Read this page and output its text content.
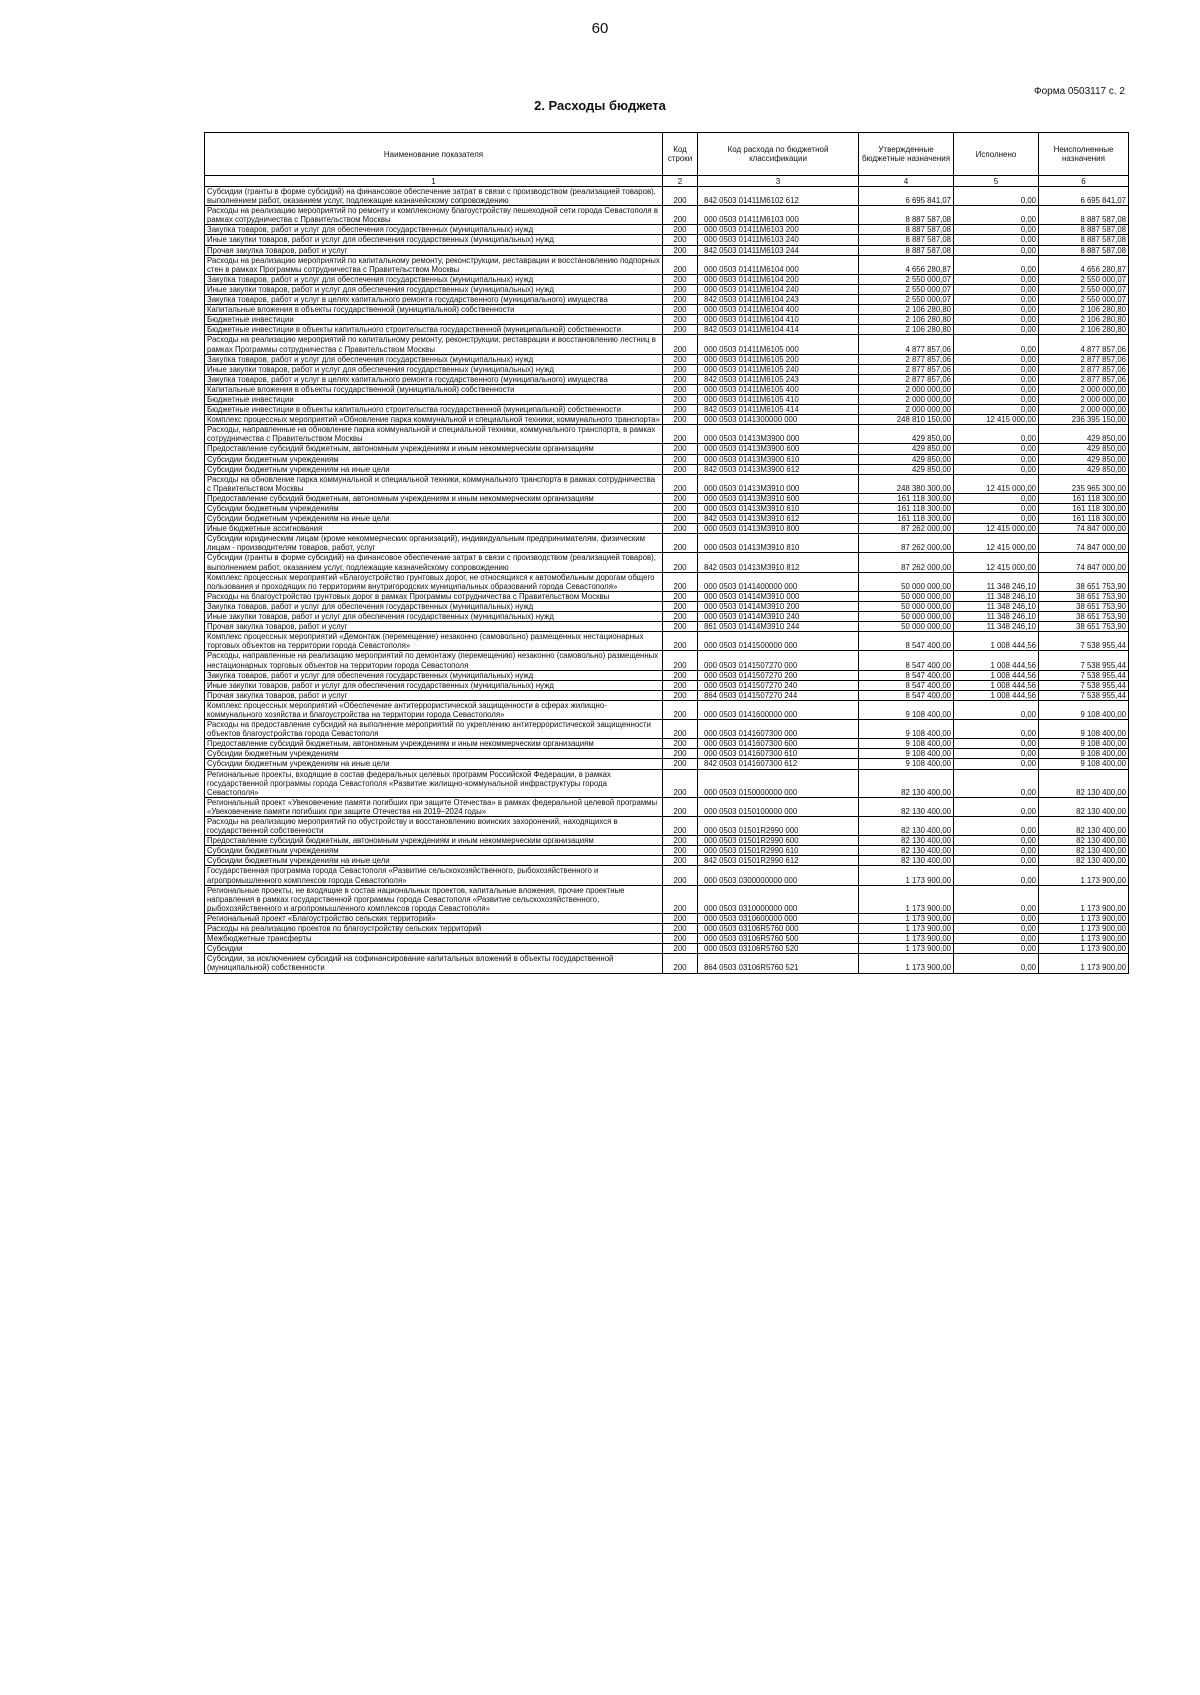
60
Форма 0503117 с. 2
2. Расходы бюджета
Наименование показателя	Код строки	Код расхода по бюджетной классификации	Утвержденные бюджетные назначения	Исполнено	Неисполненные назначения
1	2	3	4	5	6
Субсидии (гранты в форме субсидий) на финансовое обеспечение затрат в связи с производством (реализацией товаров), выполнением работ, оказанием услуг, подлежащие казначейскому сопровождению	200	842 0503 01411M6102 612	6 695 841,07	0,00	6 695 841,07
Расходы на реализацию мероприятий по ремонту и комплексному благоустройству пешеходной сети города Севастополя в рамках сотрудничества с Правительством Москвы	200	000 0503 01411M6103 000	8 887 587,08	0,00	8 887 587,08
Закупка товаров, работ и услуг для обеспечения государственных (муниципальных) нужд	200	000 0503 01411M6103 200	8 887 587,08	0,00	8 887 587,08
Иные закупки товаров, работ и услуг для обеспечения государственных (муниципальных) нужд	200	000 0503 01411M6103 240	8 887 587,08	0,00	8 887 587,08
Прочая закупка товаров, работ и услуг	200	842 0503 01411M6103 244	8 887 587,08	0,00	8 887 587,08
Расходы на реализацию мероприятий по капитальному ремонту, реконструкции, реставрации и восстановлению подпорных стен в рамках Программы сотрудничества с Правительством Москвы	200	000 0503 01411M6104 000	4 656 280,87	0,00	4 656 280,87
Закупка товаров, работ и услуг для обеспечения государственных (муниципальных) нужд	200	000 0503 01411M6104 200	2 550 000,07	0,00	2 550 000,07
Иные закупки товаров, работ и услуг для обеспечения государственных (муниципальных) нужд	200	000 0503 01411M6104 240	2 550 000,07	0,00	2 550 000,07
Закупка товаров, работ и услуг в целях капитального ремонта государственного (муниципального) имущества	200	842 0503 01411M6104 243	2 550 000,07	0,00	2 550 000,07
Капитальные вложения в объекты государственной (муниципальной) собственности	200	000 0503 01411M6104 400	2 106 280,80	0,00	2 106 280,80
Бюджетные инвестиции	200	000 0503 01411M6104 410	2 106 280,80	0,00	2 106 280,80
Бюджетные инвестиции в объекты капитального строительства государственной (муниципальной) собственности	200	842 0503 01411M6104 414	2 106 280,80	0,00	2 106 280,80
Расходы на реализацию мероприятий по капитальному ремонту, реконструкции, реставрации и восстановлению лестниц в рамках Программы сотрудничества с Правительством Москвы	200	000 0503 01411M6105 000	4 877 857,06	0,00	4 877 857,06
Закупка товаров, работ и услуг для обеспечения государственных (муниципальных) нужд	200	000 0503 01411M6105 200	2 877 857,06	0,00	2 877 857,06
Иные закупки товаров, работ и услуг для обеспечения государственных (муниципальных) нужд	200	000 0503 01411M6105 240	2 877 857,06	0,00	2 877 857,06
Закупка товаров, работ и услуг в целях капитального ремонта государственного (муниципального) имущества	200	842 0503 01411M6105 243	2 877 857,06	0,00	2 877 857,06
Капитальные вложения в объекты государственной (муниципальной) собственности	200	000 0503 01411M6105 400	2 000 000,00	0,00	2 000 000,00
Бюджетные инвестиции	200	000 0503 01411M6105 410	2 000 000,00	0,00	2 000 000,00
Бюджетные инвестиции в объекты капитального строительства государственной (муниципальной) собственности	200	842 0503 01411M6105 414	2 000 000,00	0,00	2 000 000,00
Комплекс процессных мероприятий «Обновление парка коммунальной и специальной техники, коммунального транспорта»	200	000 0503 0141300000 000	248 810 150,00	12 415 000,00	236 395 150,00
Расходы, направленные на обновление парка коммунальной и специальной техники, коммунального транспорта, в рамках сотрудничества с Правительством Москвы	200	000 0503 01413M3900 000	429 850,00	0,00	429 850,00
Предоставление субсидий бюджетным, автономным учреждениям и иным некоммерческим организациям	200	000 0503 01413M3900 600	429 850,00	0,00	429 850,00
Субсидии бюджетным учреждениям	200	000 0503 01413M3900 610	429 850,00	0,00	429 850,00
Субсидии бюджетным учреждениям на иные цели	200	842 0503 01413M3900 612	429 850,00	0,00	429 850,00
Расходы на обновление парка коммунальной и специальной техники, коммунального транспорта в рамках сотрудничества с Правительством Москвы	200	000 0503 01413M3910 000	248 380 300,00	12 415 000,00	235 965 300,00
Предоставление субсидий бюджетным, автономным учреждениям и иным некоммерческим организациям	200	000 0503 01413M3910 600	161 118 300,00	0,00	161 118 300,00
Субсидии бюджетным учреждениям	200	000 0503 01413M3910 610	161 118 300,00	0,00	161 118 300,00
Субсидии бюджетным учреждениям на иные цели	200	842 0503 01413M3910 612	161 118 300,00	0,00	161 118 300,00
Иные бюджетные ассигнования	200	000 0503 01413M3910 800	87 262 000,00	12 415 000,00	74 847 000,00
Субсидии юридическим лицам (кроме некоммерческих организаций), индивидуальным предпринимателям, физическим лицам - производителям товаров, работ, услуг	200	000 0503 01413M3910 810	87 262 000,00	12 415 000,00	74 847 000,00
Субсидии (гранты в форме субсидий) на финансовое обеспечение затрат в связи с производством (реализацией товаров), выполнением работ, оказанием услуг, подлежащие казначейскому сопровождению	200	842 0503 01413M3910 812	87 262 000,00	12 415 000,00	74 847 000,00
Комплекс процессных мероприятий «Благоустройство грунтовых дорог, не относящихся к автомобильным дорогам общего пользования и проходящих по территориям внутригородских муниципальных образований города Севастополя»	200	000 0503 0141400000 000	50 000 000,00	11 348 246,10	38 651 753,90
Расходы на благоустройство грунтовых дорог в рамках Программы сотрудничества с Правительством Москвы	200	000 0503 01414M3910 000	50 000 000,00	11 348 246,10	38 651 753,90
Закупка товаров, работ и услуг для обеспечения государственных (муниципальных) нужд	200	000 0503 01414M3910 200	50 000 000,00	11 348 246,10	38 651 753,90
Иные закупки товаров, работ и услуг для обеспечения государственных (муниципальных) нужд	200	000 0503 01414M3910 240	50 000 000,00	11 348 246,10	38 651 753,90
Прочая закупка товаров, работ и услуг	200	861 0503 01414M3910 244	50 000 000,00	11 348 246,10	38 651 753,90
Комплекс процессных мероприятий «Демонтаж (перемещение) незаконно (самовольно) размещенных нестационарных торговых объектов на территории города Севастополя»	200	000 0503 0141500000 000	8 547 400,00	1 008 444,56	7 538 955,44
Расходы, направленные на реализацию мероприятий по демонтажу (перемещению) незаконно (самовольно) размещенных нестационарных торговых объектов на территории города Севастополя	200	000 0503 0141507270 000	8 547 400,00	1 008 444,56	7 538 955,44
Закупка товаров, работ и услуг для обеспечения государственных (муниципальных) нужд	200	000 0503 0141507270 200	8 547 400,00	1 008 444,56	7 538 955,44
Иные закупки товаров, работ и услуг для обеспечения государственных (муниципальных) нужд	200	000 0503 0141507270 240	8 547 400,00	1 008 444,56	7 538 955,44
Прочая закупка товаров, работ и услуг	200	864 0503 0141507270 244	8 547 400,00	1 008 444,56	7 538 955,44
Комплекс процессных мероприятий «Обеспечение антитеррористической защищенности в сферах жилищно-коммунального хозяйства и благоустройства на территории города Севастополя»	200	000 0503 0141600000 000	9 108 400,00	0,00	9 108 400,00
Расходы на предоставление субсидий на выполнение мероприятий по укреплению антитеррористической защищенности объектов благоустройства города Севастополя	200	000 0503 0141607300 000	9 108 400,00	0,00	9 108 400,00
Предоставление субсидий бюджетным, автономным учреждениям и иным некоммерческим организациям	200	000 0503 0141607300 600	9 108 400,00	0,00	9 108 400,00
Субсидии бюджетным учреждениям	200	000 0503 0141607300 610	9 108 400,00	0,00	9 108 400,00
Субсидии бюджетным учреждениям на иные цели	200	842 0503 0141607300 612	9 108 400,00	0,00	9 108 400,00
Региональные проекты, входящие в состав федеральных целевых программ Российской Федерации, в рамках государственной программы города Севастополя «Развитие жилищно-коммунальной инфраструктуры города Севастополя»	200	000 0503 0150000000 000	82 130 400,00	0,00	82 130 400,00
Региональный проект «Увековечение памяти погибших при защите Отечества» в рамках федеральной целевой программы «Увековечение памяти погибших при защите Отечества на 2019–2024 годы»	200	000 0503 0150100000 000	82 130 400,00	0,00	82 130 400,00
Расходы на реализацию мероприятий по обустройству и восстановлению воинских захоронений, находящихся в государственной собственности	200	000 0503 01501R2990 000	82 130 400,00	0,00	82 130 400,00
Предоставление субсидий бюджетным, автономным учреждениям и иным некоммерческим организациям	200	000 0503 01501R2990 600	82 130 400,00	0,00	82 130 400,00
Субсидии бюджетным учреждениям	200	000 0503 01501R2990 610	82 130 400,00	0,00	82 130 400,00
Субсидии бюджетным учреждениям на иные цели	200	842 0503 01501R2990 612	82 130 400,00	0,00	82 130 400,00
Государственная программа города Севастополя «Развитие сельскохозяйственного, рыбохозяйственного и агропромышленного комплексов города Севастополя»	200	000 0503 0300000000 000	1 173 900,00	0,00	1 173 900,00
Региональные проекты, не входящие в состав национальных проектов, капитальные вложения, прочие проектные направления в рамках государственной программы города Севастополя «Развитие сельскохозяйственного, рыбохозяйственного и агропромышленного комплексов города Севастополя»	200	000 0503 0310000000 000	1 173 900,00	0,00	1 173 900,00
Региональный проект «Благоустройство сельских территорий»	200	000 0503 0310600000 000	1 173 900,00	0,00	1 173 900,00
Расходы на реализацию проектов по благоустройству сельских территорий	200	000 0503 03106R5760 000	1 173 900,00	0,00	1 173 900,00
Межбюджетные трансферты	200	000 0503 03106R5760 500	1 173 900,00	0,00	1 173 900,00
Субсидии	200	000 0503 03106R5760 520	1 173 900,00	0,00	1 173 900,00
Субсидии, за исключением субсидий на софинансирование капитальных вложений в объекты государственной (муниципальной) собственности	200	864 0503 03106R5760 521	1 173 900,00	0,00	1 173 900,00
